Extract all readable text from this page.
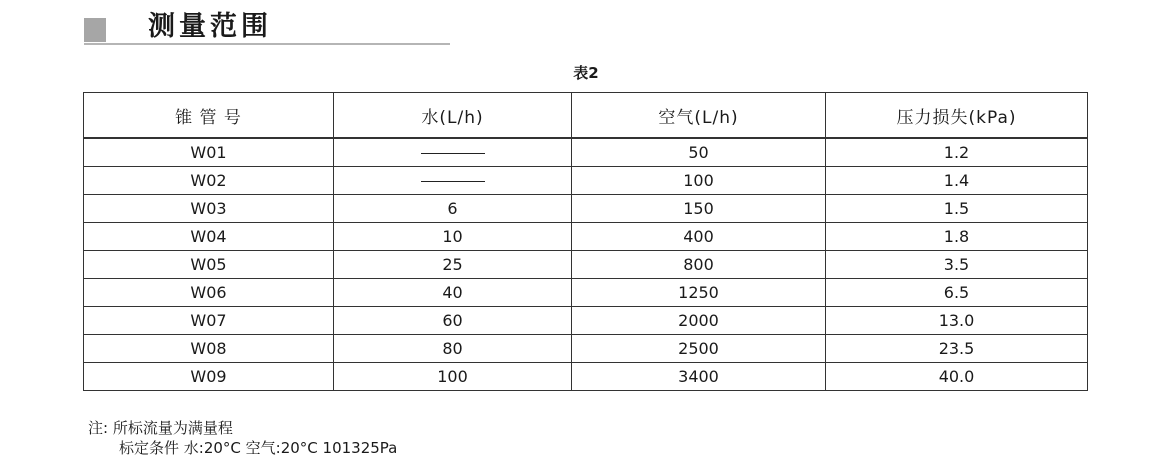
测量范围
表2
锥 管 号	水(L/h)	空气(L/h)	压力损失(kPa)
W01		50	1.2
W02		100	1.4
W03	6	150	1.5
W04	10	400	1.8
W05	25	800	3.5
W06	40	1250	6.5
W07	60	2000	13.0
W08	80	2500	23.5
W09	100	3400	40.0
注: 所标流量为满量程
标定条件 水:20°C 空气:20°C 101325Pa
